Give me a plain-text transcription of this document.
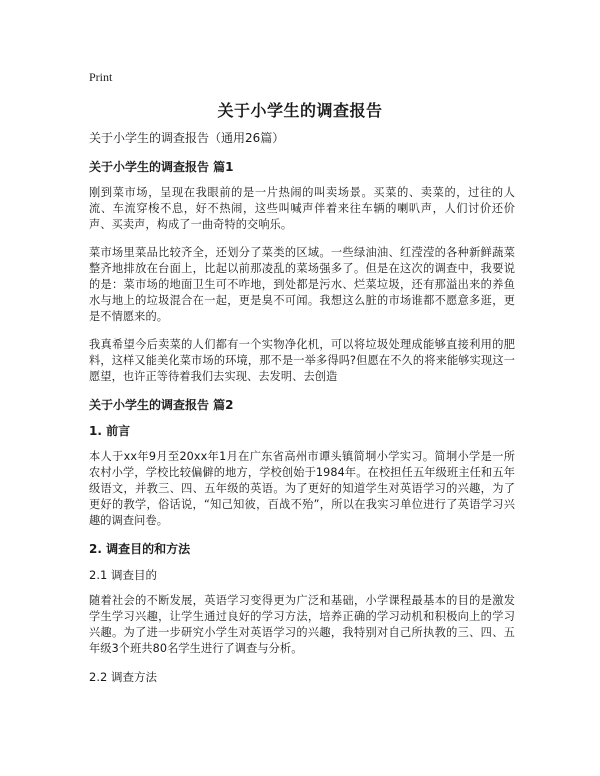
Print
关于小学生的调查报告

关于小学生的调查报告（通用26篇）

关于小学生的调查报告 篇1

刚到菜市场，呈现在我眼前的是一片热闹的叫卖场景。买菜的、卖菜的，过往的人流、车流穿梭不息，好不热闹，这些叫喊声伴着来往车辆的喇叭声，人们讨价还价声、买卖声，构成了一曲奇特的交响乐。

菜市场里菜品比较齐全，还划分了菜类的区域。一些绿油油、红滢滢的各种新鲜蔬菜整齐地排放在台面上，比起以前那凌乱的菜场强多了。但是在这次的调查中，我要说的是：菜市场的地面卫生可不咋地，到处都是污水、烂菜垃圾，还有那溢出来的养鱼水与地上的垃圾混合在一起，更是臭不可闻。我想这么脏的市场谁都不愿意多逛，更是不情愿来的。

我真希望今后卖菜的人们都有一个实物净化机，可以将垃圾处理成能够直接利用的肥料，这样又能美化菜市场的环境，那不是一举多得吗?但愿在不久的将来能够实现这一愿望，也许正等待着我们去实现、去发明、去创造

关于小学生的调查报告 篇2
1. 前言

本人于xx年9月至20xx年1月在广东省高州市谭头镇简垌小学实习。简垌小学是一所农村小学，学校比较偏僻的地方，学校创始于1984年。在校担任五年级班主任和五年级语文，并教三、四、五年级的英语。为了更好的知道学生对英语学习的兴趣，为了更好的教学，俗话说，“知己知彼，百战不殆”，所以在我实习单位进行了英语学习兴趣的调查问卷。

2. 调查目的和方法

2.1 调查目的

随着社会的不断发展，英语学习变得更为广泛和基础，小学课程最基本的目的是激发学生学习兴趣，让学生通过良好的学习方法，培养正确的学习动机和积极向上的学习兴趣。为了进一步研究小学生对英语学习的兴趣，我特别对自己所执教的三、四、五年级3个班共80名学生进行了调查与分析。

2.2 调查方法
